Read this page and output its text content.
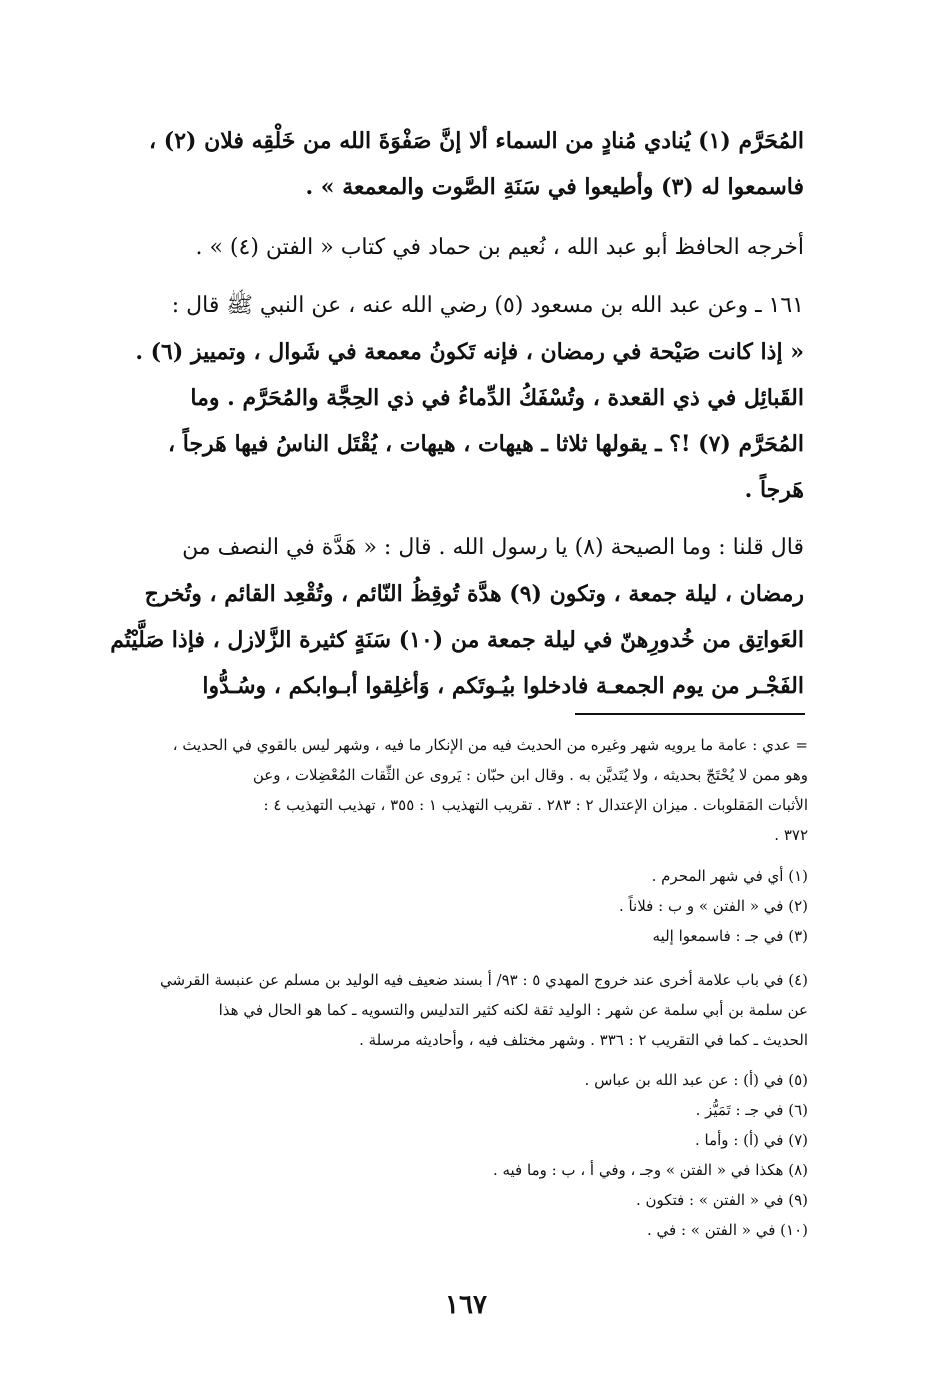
المُحَرَّم (١) يُنادي مُنادٍ من السماء ألا إنَّ صَفْوَةَ الله من خَلْقِه فلان (٢) ،
فاسمعوا له (٣) وأطيعوا في سَنَةِ الصَّوت والمعمعة » .
أخرجه الحافظ أبو عبد الله ، نُعيم بن حماد في كتاب « الفتن (٤) » .
١٦١ ـ وعن عبد الله بن مسعود (٥) رضي الله عنه ، عن النبي ﷺ قال :
« إذا كانت صَيْحة في رمضان ، فإنه تَكونُ معمعة في شَوال ، وتمييز (٦) .
القَبائِل في ذي القعدة ، وتُسْفَكُ الدِّماءُ في ذي الحِجَّة والمُحَرَّم . وما
المُحَرَّم (٧) !؟ ـ يقولها ثلاثا ـ هيهات ، هيهات ، يُقْتَل الناسُ فيها هَرجاً ،
هَرجاً .
قال قلنا : وما الصيحة (٨) يا رسول الله . قال : « هَدَّة في النصف من
رمضان ، ليلة جمعة ، وتكون (٩) هدَّة تُوقِظُ النّائم ، وتُقْعِد القائم ، وتُخرج
العَواتِق من خُدورِهنّ في ليلة جمعة من (١٠) سَنَةٍ كثيرة الزَّلازل ، فإذا صَلَّيْتُم
الفَجْـر من يوم الجمعـة فادخلوا بيُـوتَكم ، وَأغلِقوا أبـوابكم ، وسُـدُّوا
= عدي : عامة ما يرويه شهر وغيره من الحديث فيه من الإنكار ما فيه ، وشهر ليس بالقوي في الحديث ،
وهو ممن لا يُحْتَجّ بحديثه ، ولا يُتَديَّن به . وقال ابن حبّان : يَروى عن الثِّقات المُعْضِلات ، وعن
الأثبات المَقلوبات . ميزان الإعتدال ٢ : ٢٨٣ . تقريب التهذيب ١ : ٣٥٥ ، تهذيب التهذيب ٤ :
٣٧٢ .
(١) أي في شهر المحرم .
(٢) في « الفتن » و ب : فلاناً .
(٣) في جـ : فاسمعوا إليه
(٤) في باب علامة أخرى عند خروج المهدي ٥ : ٩٣/ أ بسند ضعيف فيه الوليد بن مسلم عن عنبسة القرشي
عن سلمة بن أبي سلمة عن شهر : الوليد ثقة لكنه كثير التدليس والتسويه ـ كما هو الحال في هذا
الحديث ـ كما في التقريب ٢ : ٣٣٦ . وشهر مختلف فيه ، وأحاديثه مرسلة .
(٥) في (أ) : عن عبد الله بن عباس .
(٦) في جـ : تَمَيُّز .
(٧) في (أ) : وأما .
(٨) هكذا في « الفتن » وجـ ، وفي أ ، ب : وما فيه .
(٩) في « الفتن » : فتكون .
(١٠) في « الفتن » : في .
١٦٧
